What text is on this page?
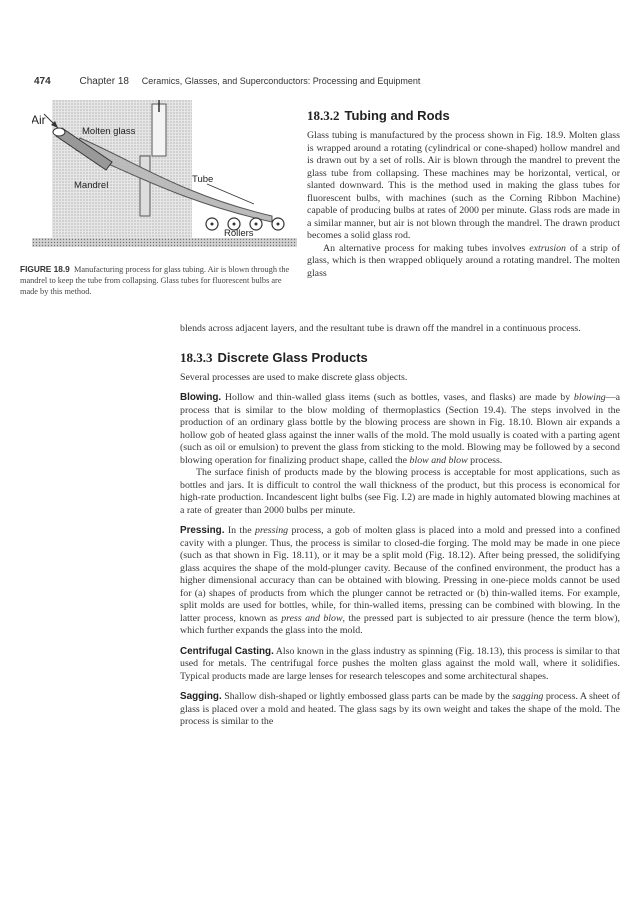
474	Chapter 18 Ceramics, Glasses, and Superconductors: Processing and Equipment
Air
Molten glass
Tube
Mandrel
Rollers
FIGURE 18.9 Manufacturing process for glass tubing. Air is blown through the mandrel to keep the tube from collapsing. Glass tubes for fluorescent bulbs are made by this method.
18.3.2 Tubing and Rods

Glass tubing is manufactured by the process shown in Fig. 18.9. Molten glass is wrapped around a rotating (cylindrical or cone-shaped) hollow mandrel and is drawn out by a set of rolls. Air is blown through the mandrel to prevent the glass tube from collapsing. These machines may be horizontal, vertical, or slanted downward. This is the method used in making the glass tubes for fluorescent bulbs, with machines (such as the Corning Ribbon Machine) capable of producing bulbs at rates of 2000 per minute. Glass rods are made in a similar manner, but air is not blown through the mandrel. The drawn product becomes a solid glass rod.

An alternative process for making tubes involves extrusion of a strip of glass, which is then wrapped obliquely around a rotating mandrel. The molten glass

blends across adjacent layers, and the resultant tube is drawn off the mandrel in a continuous process.

18.3.3 Discrete Glass Products

Several processes are used to make discrete glass objects.

Blowing. Hollow and thin-walled glass items (such as bottles, vases, and flasks) are made by blowing—a process that is similar to the blow molding of thermoplastics (Section 19.4). The steps involved in the production of an ordinary glass bottle by the blowing process are shown in Fig. 18.10. Blown air expands a hollow gob of heated glass against the inner walls of the mold. The mold usually is coated with a parting agent (such as oil or emulsion) to prevent the glass from sticking to the mold. Blowing may be followed by a second blowing operation for finalizing product shape, called the blow and blow process.

The surface finish of products made by the blowing process is acceptable for most applications, such as bottles and jars. It is difficult to control the wall thickness of the product, but this process is economical for high-rate production. Incandescent light bulbs (see Fig. I.2) are made in highly automated blowing machines at a rate of greater than 2000 bulbs per minute.

Pressing. In the pressing process, a gob of molten glass is placed into a mold and pressed into a confined cavity with a plunger. Thus, the process is similar to closed-die forging. The mold may be made in one piece (such as that shown in Fig. 18.11), or it may be a split mold (Fig. 18.12). After being pressed, the solidifying glass acquires the shape of the mold-plunger cavity. Because of the confined environment, the product has a higher dimensional accuracy than can be obtained with blowing. Pressing in one-piece molds cannot be used for (a) shapes of products from which the plunger cannot be retracted or (b) thin-walled items. For example, split molds are used for bottles, while, for thin-walled items, pressing can be combined with blowing. In the latter process, known as press and blow, the pressed part is subjected to air pressure (hence the term blow), which further expands the glass into the mold.

Centrifugal Casting. Also known in the glass industry as spinning (Fig. 18.13), this process is similar to that used for metals. The centrifugal force pushes the molten glass against the mold wall, where it solidifies. Typical products made are large lenses for research telescopes and some architectural shapes.

Sagging. Shallow dish-shaped or lightly embossed glass parts can be made by the sagging process. A sheet of glass is placed over a mold and heated. The glass sags by its own weight and takes the shape of the mold. The process is similar to the
